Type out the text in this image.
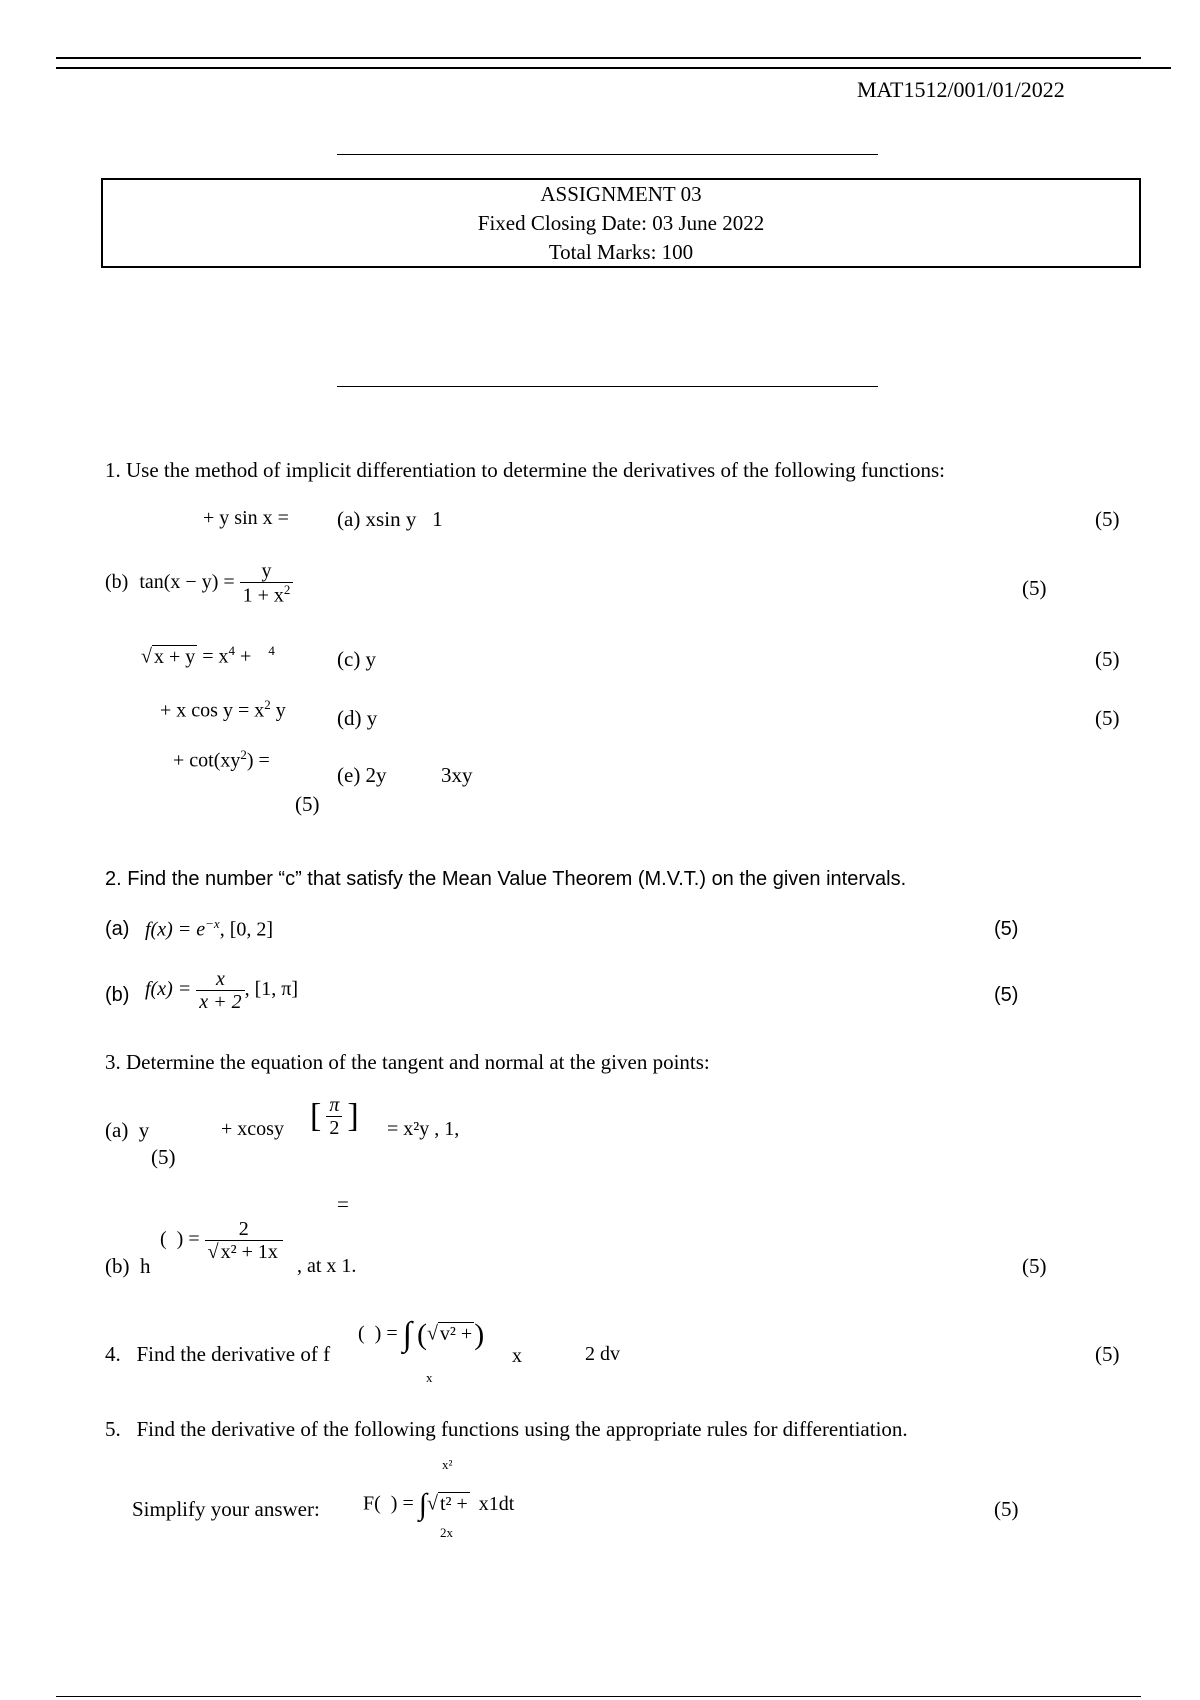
MAT1512/001/01/2022
ASSIGNMENT 03
Fixed Closing Date: 03 June 2022
Total Marks: 100
1. Use the method of implicit differentiation to determine the derivatives of the following functions:
+ y sin x = (a) xsin y   1	(5)
(b) $\tan(x - y) = \frac{y}{1 + x^2}$	(5)
√ $x + y = x^4 + ^4$	(c) y	(5)
+ x $\cos y = x^2$ y (d) y	(5)
+ $\cot(xy^2)$ =
(e) 2y	3xy
(5)
2. Find the number “c” that satisfy the Mean Value Theorem (M.V.T.) on the given intervals.
(a) $f(x) = e^{-x}$, [0, 2]	(5)
(b) $f(x) = \frac{x}{x + 2}$ , [1, π]	(5)
3. Determine the equation of the tangent and normal at the given points:
(a)  y
(5)
+ xcosy [ $\frac{\pi}{2}$ ] = x²y , 1,
=
(b)  h
(  ) = $\frac{2}{\text{√ x² + 1x}}$
, at x 1.	(5)
4.   Find the derivative of f
(  ) = ∫ (√ v² +)
x
x	2 dv	(5)
5.   Find the derivative of the following functions using the appropriate rules for differentiation.
Simplify your answer:
x²
F(  ) = ∫√ t² + x1dt
2x
(5)
